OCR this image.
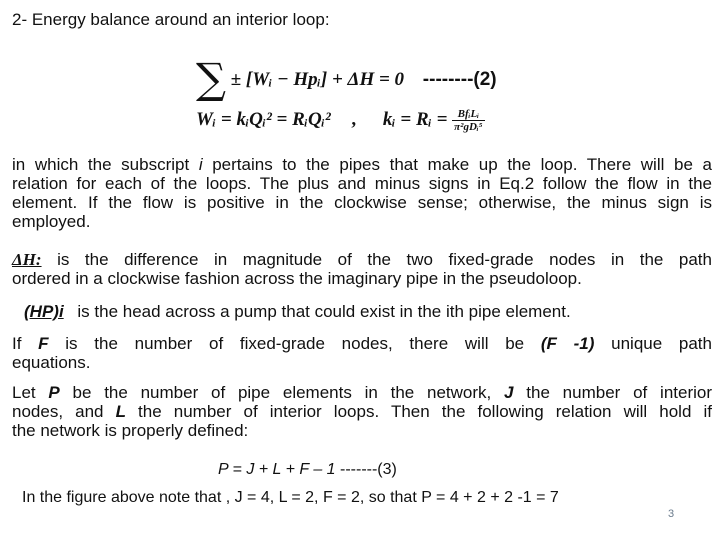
2- Energy balance around an interior loop:
∑ ± [Wᵢ − Hpᵢ] + ΔH = 0 --------(2)
Wᵢ = kᵢQᵢ² = RᵢQᵢ² , kᵢ = Rᵢ = $\frac{\text{BfᵢLᵢ}}{\text{π²gDᵢ⁵}}$
in which the subscript i pertains to the pipes that make up the loop. There will be a
relation for each of the loops. The plus and minus signs in Eq.2 follow the flow in the
element. If the flow is positive in the clockwise sense; otherwise, the minus sign is
employed.
ΔH: is the difference in magnitude of the two fixed-grade nodes in the path
ordered in a clockwise fashion across the imaginary pipe in the pseudoloop.
(HP)i is the head across a pump that could exist in the ith pipe element.
If F is the number of fixed-grade nodes, there will be (F -1) unique path
equations.
Let P be the number of pipe elements in the network, J the number of interior
nodes, and L the number of interior loops. Then the following relation will hold if
the network is properly defined:
P = J + L + F – 1 -------(3)
In the figure above note that , J = 4, L = 2, F = 2, so that P = 4 + 2 + 2 -1 = 7
3
